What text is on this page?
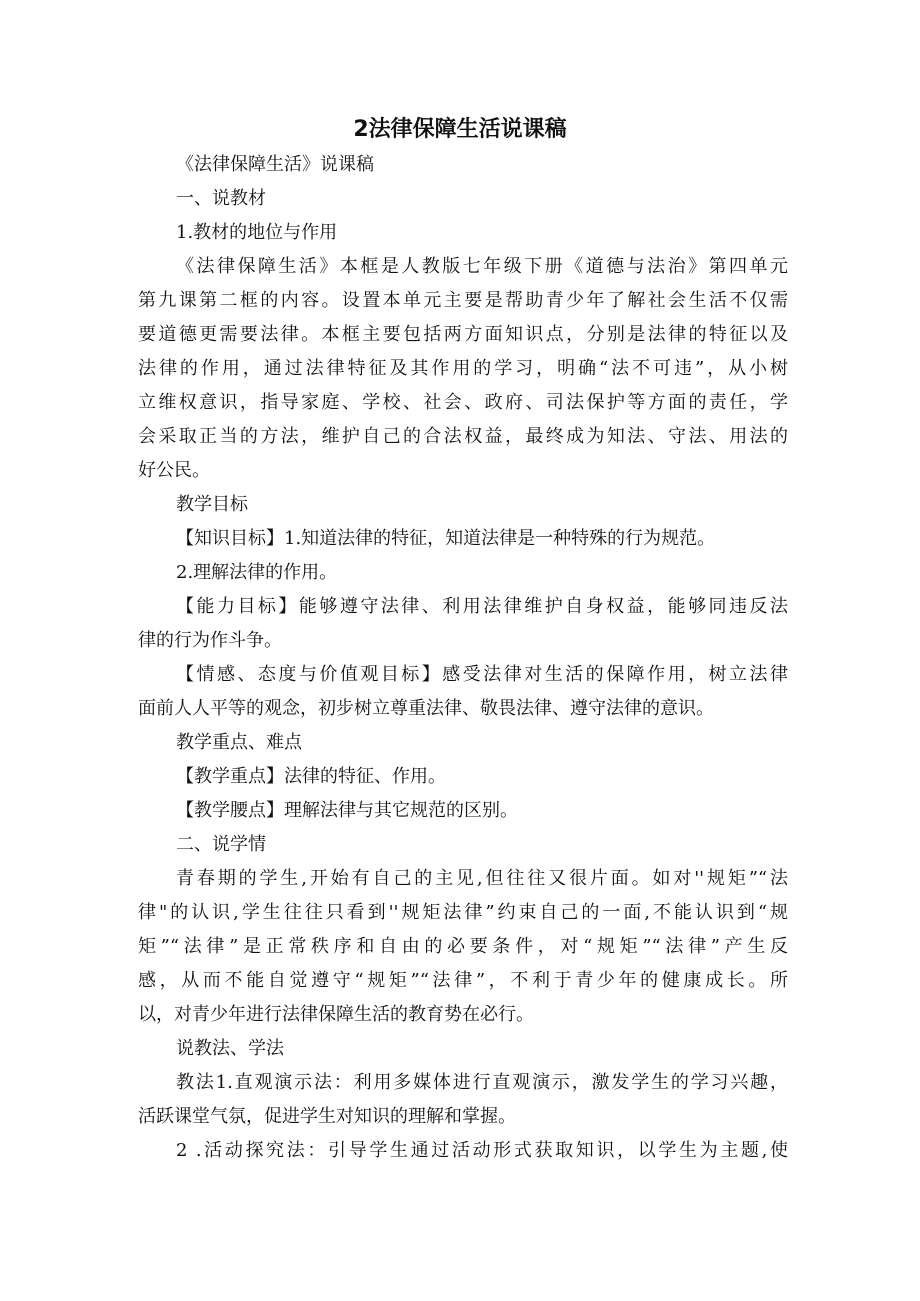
2法律保障生活说课稿
《法律保障生活》说课稿
一、说教材
1.教材的地位与作用
《法律保障生活》本框是人教版七年级下册《道德与法治》第四单元
第九课第二框的内容。设置本单元主要是帮助青少年了解社会生活不仅需
要道德更需要法律。本框主要包括两方面知识点，分别是法律的特征以及
法律的作用，通过法律特征及其作用的学习，明确“法不可违”，从小树
立维权意识，指导家庭、学校、社会、政府、司法保护等方面的责任，学
会采取正当的方法，维护自己的合法权益，最终成为知法、守法、用法的
好公民。
教学目标
【知识目标】1.知道法律的特征，知道法律是一种特殊的行为规范。
2.理解法律的作用。
【能力目标】能够遵守法律、利用法律维护自身权益，能够同违反法
律的行为作斗争。
【情感、态度与价值观目标】感受法律对生活的保障作用，树立法律
面前人人平等的观念，初步树立尊重法律、敬畏法律、遵守法律的意识。
教学重点、难点
【教学重点】法律的特征、作用。
【教学腰点】理解法律与其它规范的区别。
二、说学情
青春期的学生,开始有自己的主见,但往往又很片面。如对''规矩”“法
律"的认识,学生往往只看到''规矩法律”约束自己的一面,不能认识到“规
矩”“法律”是正常秩序和自由的必要条件，对“规矩”“法律”产生反
感，从而不能自觉遵守“规矩”“法律”，不利于青少年的健康成长。所
以，对青少年进行法律保障生活的教育势在必行。
说教法、学法
教法1.直观演示法：利用多媒体进行直观演示，激发学生的学习兴趣，
活跃课堂气氛，促进学生对知识的理解和掌握。
2 .活动探究法：引导学生通过活动形式获取知识，以学生为主题,使
